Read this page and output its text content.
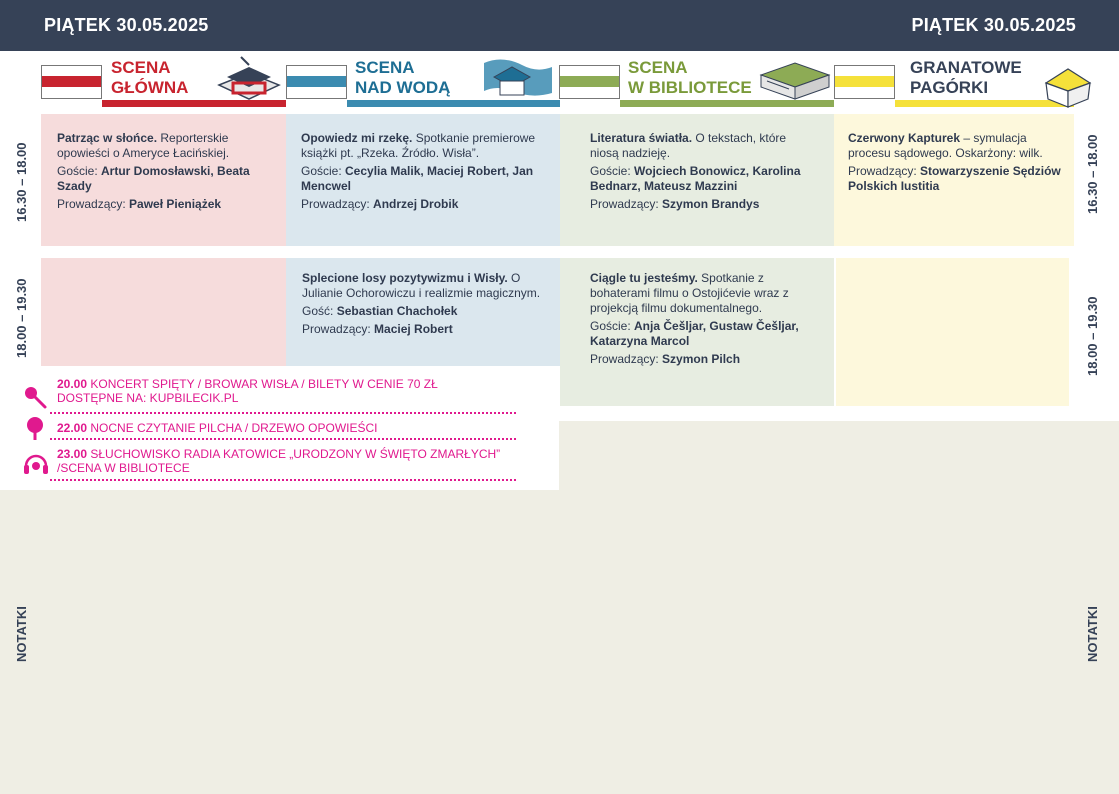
PIĄTEK 30.05.2025	PIĄTEK 30.05.2025
SCENA
GŁÓWNA
SCENA
NAD WODĄ
SCENA
W BIBLIOTECE
GRANATOWE
PAGÓRKI
16.30 – 18.00
18.00 – 19.30
16.30 – 18.00
18.00 – 19.30

Patrząc w słońce. Reporterskie opowieści o Ameryce Łacińskiej.

Goście: Artur Domosławski, Beata Szady

Prowadzący: Paweł Pieniążek

Opowiedz mi rzekę. Spotkanie premierowe książki pt. „Rzeka. Źródło. Wisła”.

Goście: Cecylia Malik, Maciej Robert, Jan Mencwel

Prowadzący: Andrzej Drobik

Literatura światła. O tekstach, które niosą nadzieję.

Goście: Wojciech Bonowicz, Karolina Bednarz, Mateusz Mazzini

Prowadzący: Szymon Brandys

Czerwony Kapturek – symulacja procesu sądowego. Oskarżony: wilk.

Prowadzący: Stowarzyszenie Sędziów Polskich Iustitia

Splecione losy pozytywizmu i Wisły. O Julianie Ochorowiczu i realizmie magicznym.

Gość: Sebastian Chachołek

Prowadzący: Maciej Robert

Ciągle tu jesteśmy. Spotkanie z bohaterami filmu o Ostojićevie wraz z projekcją filmu dokumentalnego.

Goście: Anja Češljar, Gustaw Češljar, Katarzyna Marcol

Prowadzący: Szymon Pilch

20.00 KONCERT SPIĘTY / BROWAR WISŁA / BILETY W CENIE 70 ZŁ DOSTĘPNE NA: KUPBILECIK.PL
22.00 NOCNE CZYTANIE PILCHA / DRZEWO OPOWIEŚCI
23.00 SŁUCHOWISKO RADIA KATOWICE „URODZONY W ŚWIĘTO ZMARŁYCH” /SCENA W BIBLIOTECE
NOTATKI	NOTATKI
